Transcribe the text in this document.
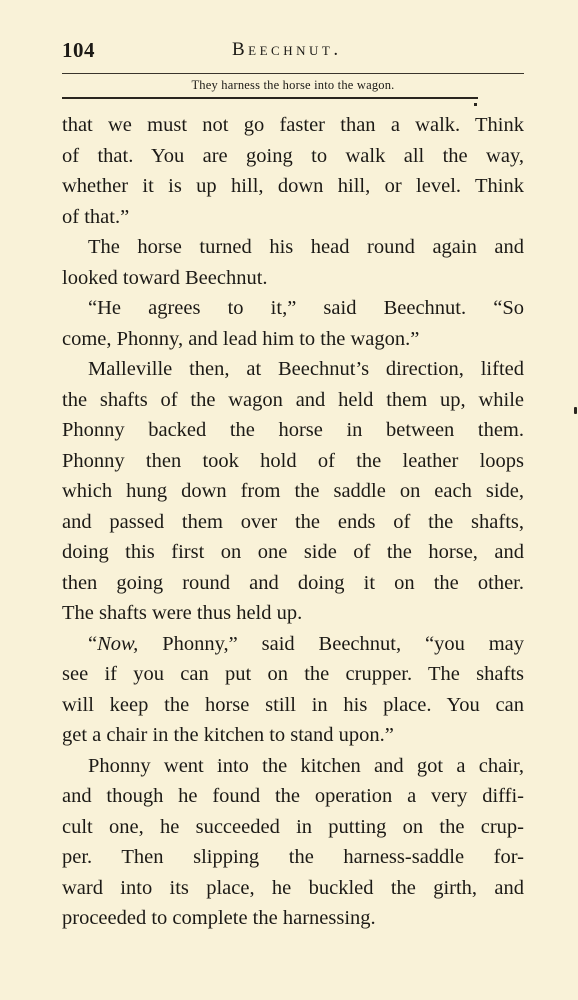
104	Beechnut.
They harness the horse into the wagon.
that we must not go faster than a walk. Think
of that. You are going to walk all the way,
whether it is up hill, down hill, or level. Think
of that.”
The horse turned his head round again and
looked toward Beechnut.
“He agrees to it,” said Beechnut. “So
come, Phonny, and lead him to the wagon.”
Malleville then, at Beechnut’s direction, lifted
the shafts of the wagon and held them up, while
Phonny backed the horse in between them.
Phonny then took hold of the leather loops
which hung down from the saddle on each side,
and passed them over the ends of the shafts,
doing this first on one side of the horse, and
then going round and doing it on the other.
The shafts were thus held up.
“Now, Phonny,” said Beechnut, “you may
see if you can put on the crupper. The shafts
will keep the horse still in his place. You can
get a chair in the kitchen to stand upon.”
Phonny went into the kitchen and got a chair,
and though he found the operation a very diffi-
cult one, he succeeded in putting on the crup-
per. Then slipping the harness-saddle for-
ward into its place, he buckled the girth, and
proceeded to complete the harnessing.
